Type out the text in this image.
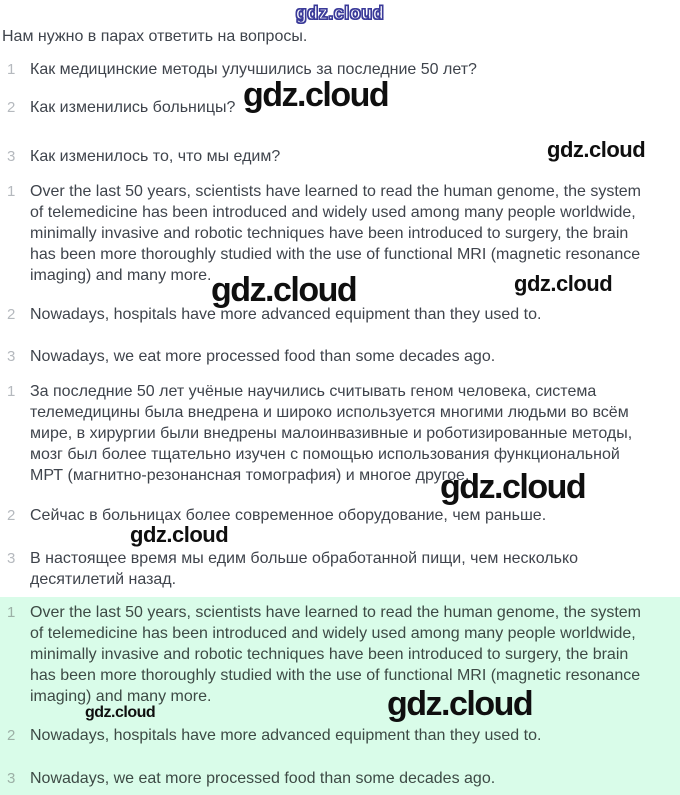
gdz.cloud
Нам нужно в парах ответить на вопросы.
1 Как медицинские методы улучшились за последние 50 лет?
2 Как изменились больницы?
3 Как изменилось то, что мы едим?
1 Over the last 50 years, scientists have learned to read the human genome, the system of telemedicine has been introduced and widely used among many people worldwide, minimally invasive and robotic techniques have been introduced to surgery, the brain has been more thoroughly studied with the use of functional MRI (magnetic resonance imaging) and many more.
2 Nowadays, hospitals have more advanced equipment than they used to.
3 Nowadays, we eat more processed food than some decades ago.
1 За последние 50 лет учёные научились считывать геном человека, система телемедицины была внедрена и широко используется многими людьми во всём мире, в хирургии были внедрены малоинвазивные и роботизированные методы, мозг был более тщательно изучен с помощью использования функциональной МРТ (магнитно-резонансная томография) и многое другое.
2 Сейчас в больницах более современное оборудование, чем раньше.
3 В настоящее время мы едим больше обработанной пищи, чем несколько десятилетий назад.
1 Over the last 50 years, scientists have learned to read the human genome, the system of telemedicine has been introduced and widely used among many people worldwide, minimally invasive and robotic techniques have been introduced to surgery, the brain has been more thoroughly studied with the use of functional MRI (magnetic resonance imaging) and many more.
2 Nowadays, hospitals have more advanced equipment than they used to.
3 Nowadays, we eat more processed food than some decades ago.
gdz.cloud
gdz.cloud
gdz.cloud	gdz.cloud
gdz.cloud
gdz.cloud
gdz.cloud
gdz.cloud
